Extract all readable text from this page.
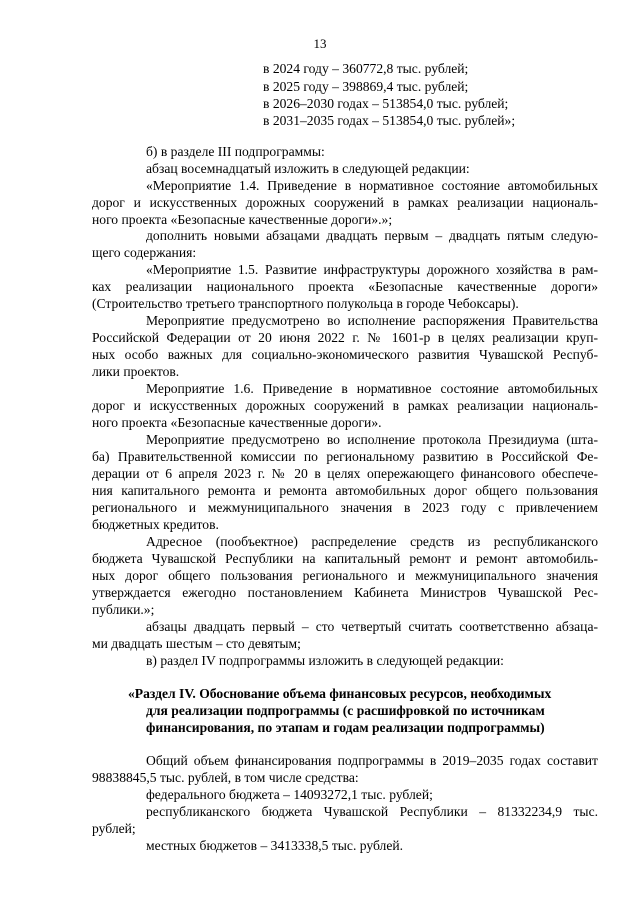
13
в 2024 году – 360772,8 тыс. рублей;
в 2025 году – 398869,4 тыс. рублей;
в 2026–2030 годах – 513854,0 тыс. рублей;
в 2031–2035 годах – 513854,0 тыс. рублей»;
б) в разделе III подпрограммы:
абзац восемнадцатый изложить в следующей редакции:
«Мероприятие 1.4. Приведение в нормативное состояние автомобильных
дорог и искусственных дорожных сооружений в рамках реализации националь-
ного проекта «Безопасные качественные дороги».»;
дополнить новыми абзацами двадцать первым – двадцать пятым следую-
щего содержания:
«Мероприятие 1.5. Развитие инфраструктуры дорожного хозяйства в рам-
ках реализации национального проекта «Безопасные качественные дороги»
(Строительство третьего транспортного полукольца в городе Чебоксары).
Мероприятие предусмотрено во исполнение распоряжения Правительства
Российской Федерации от 20 июня 2022 г. № 1601-р в целях реализации круп-
ных особо важных для социально-экономического развития Чувашской Респуб-
лики проектов.
Мероприятие 1.6. Приведение в нормативное состояние автомобильных
дорог и искусственных дорожных сооружений в рамках реализации националь-
ного проекта «Безопасные качественные дороги».
Мероприятие предусмотрено во исполнение протокола Президиума (шта-
ба) Правительственной комиссии по региональному развитию в Российской Фе-
дерации от 6 апреля 2023 г. № 20 в целях опережающего финансового обеспече-
ния капитального ремонта и ремонта автомобильных дорог общего пользования
регионального и межмуниципального значения в 2023 году с привлечением
бюджетных кредитов.
Адресное (пообъектное) распределение средств из республиканского
бюджета Чувашской Республики на капитальный ремонт и ремонт автомобиль-
ных дорог общего пользования регионального и межмуниципального значения
утверждается ежегодно постановлением Кабинета Министров Чувашской Рес-
публики.»;
абзацы двадцать первый – сто четвертый считать соответственно абзаца-
ми двадцать шестым – сто девятым;
в) раздел IV подпрограммы изложить в следующей редакции:
«Раздел IV. Обоснование объема финансовых ресурсов, необходимых
для реализации подпрограммы (с расшифровкой по источникам
финансирования, по этапам и годам реализации подпрограммы)
Общий объем финансирования подпрограммы в 2019–2035 годах составит
98838845,5 тыс. рублей, в том числе средства:
федерального бюджета – 14093272,1 тыс. рублей;
республиканского бюджета Чувашской Республики – 81332234,9 тыс.
рублей;
местных бюджетов – 3413338,5 тыс. рублей.
